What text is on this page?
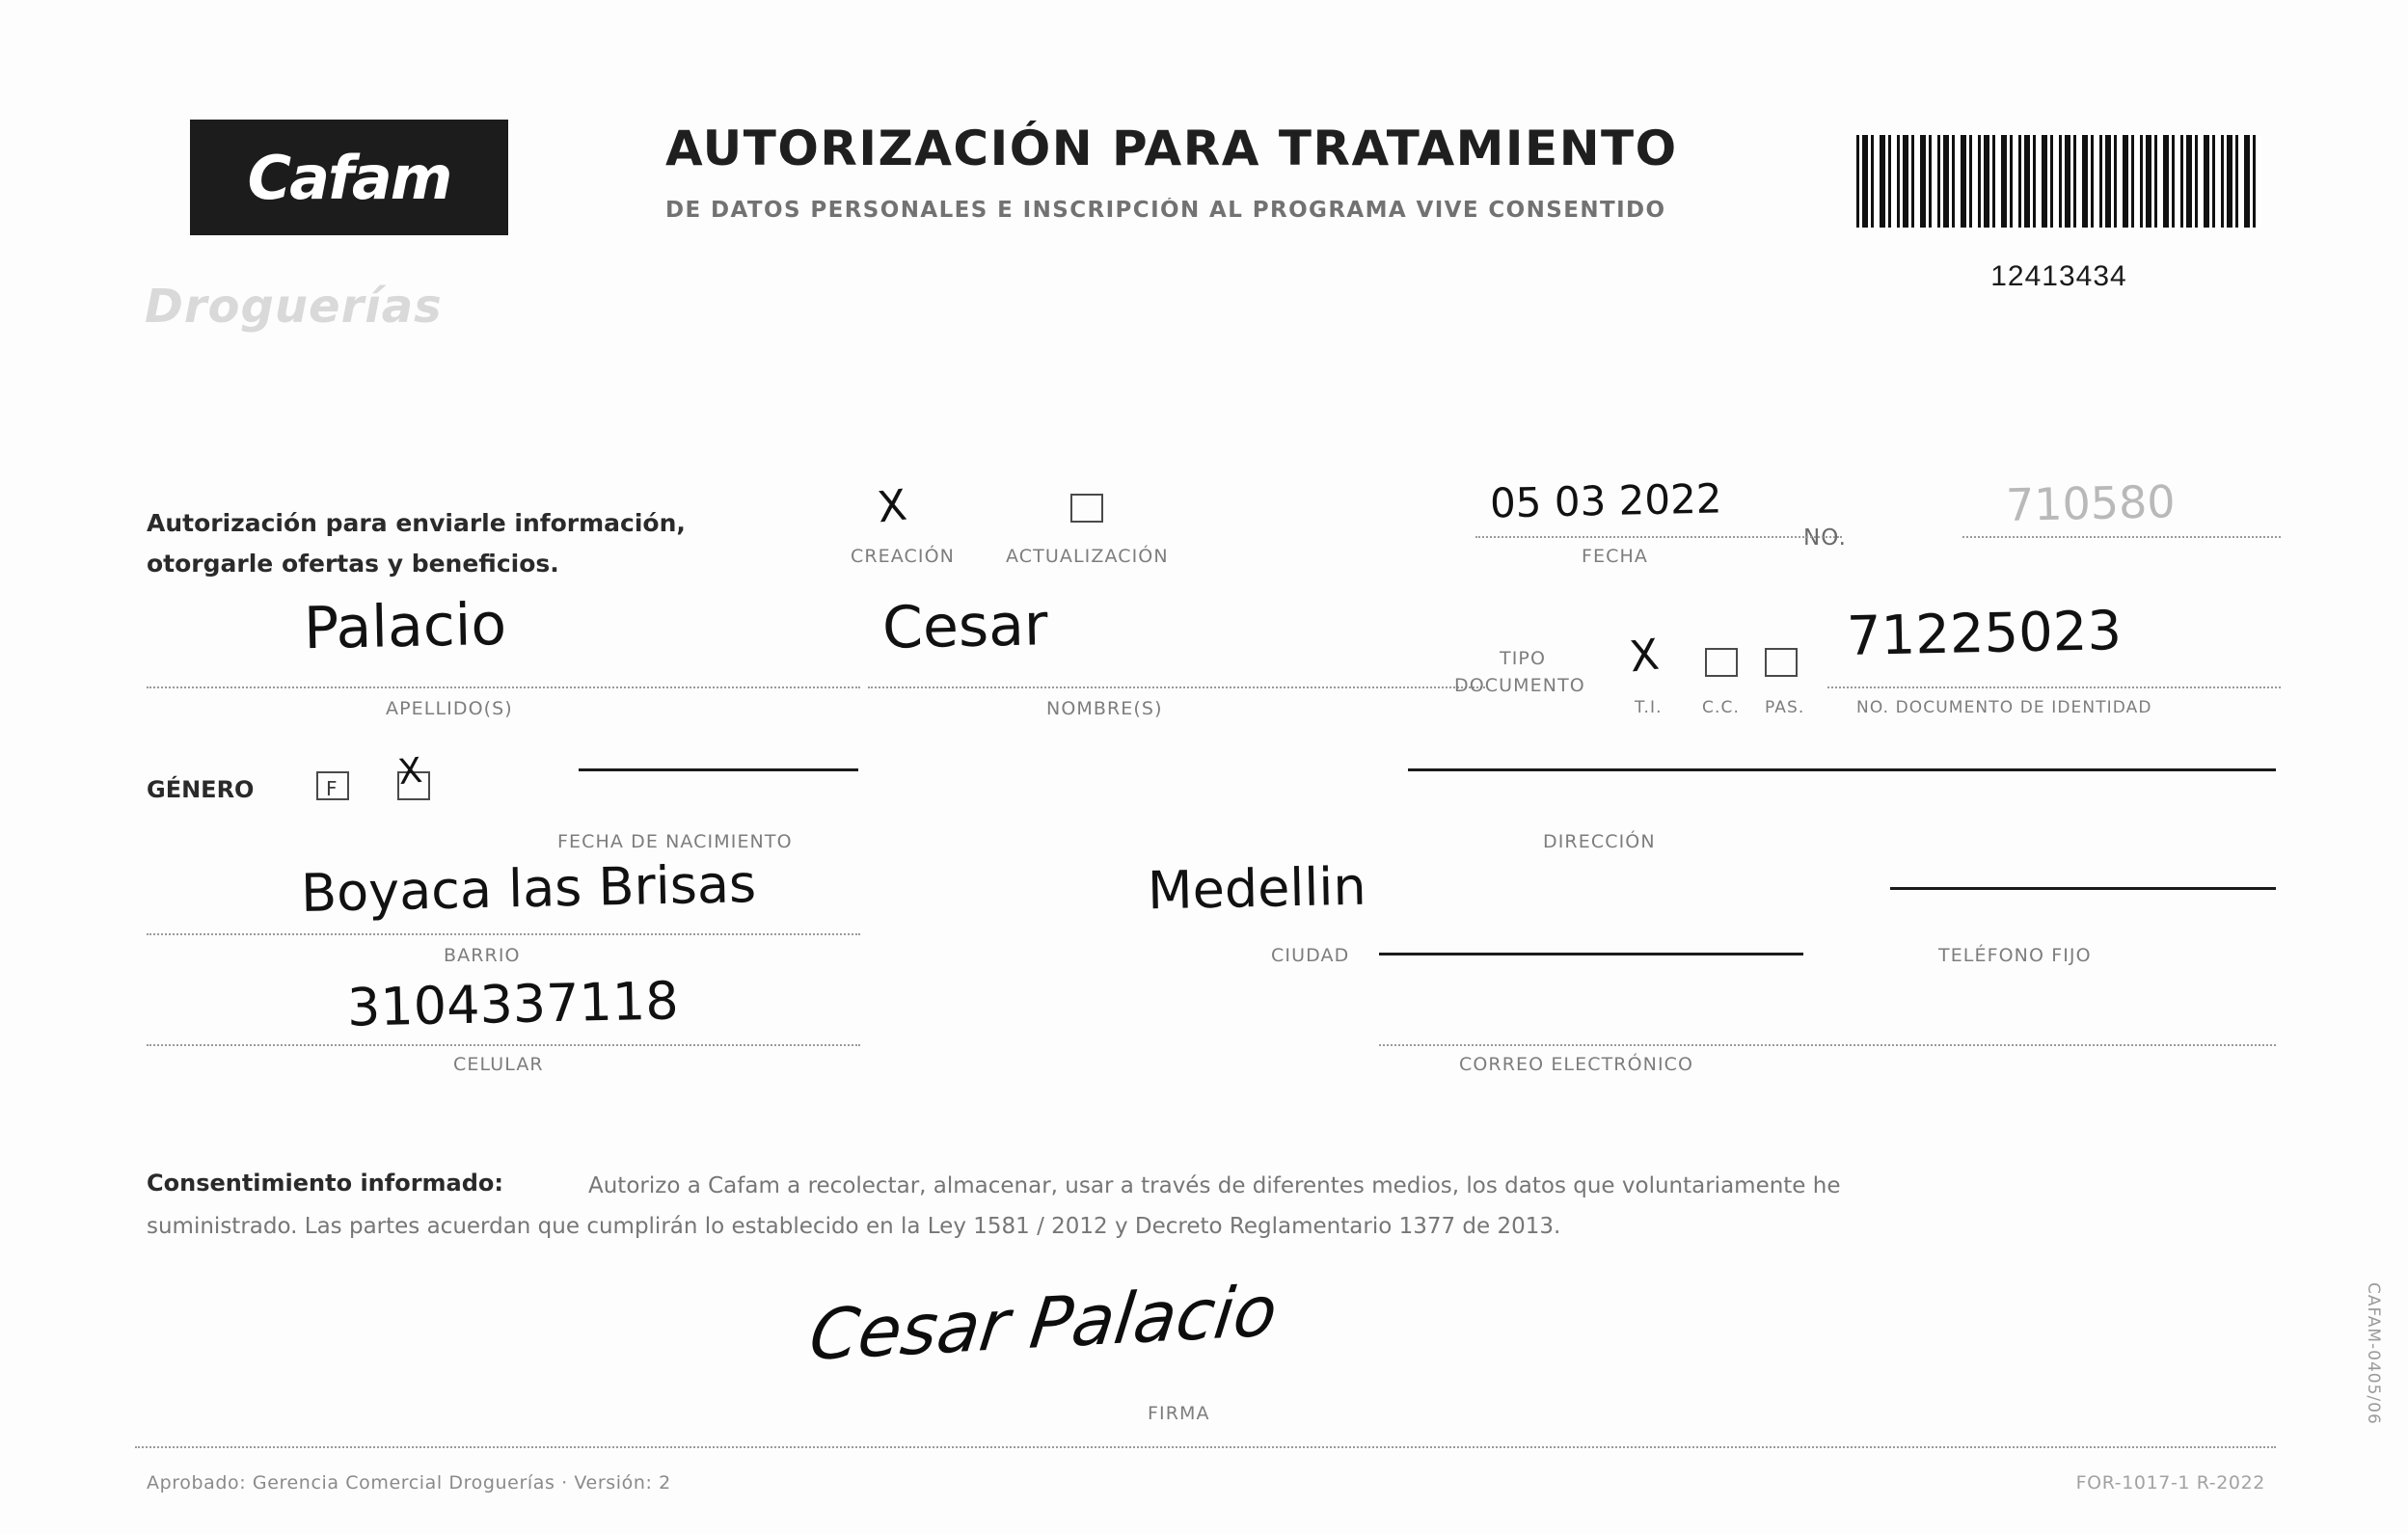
Cafam
Droguerías
AUTORIZACIÓN PARA TRATAMIENTO
DE DATOS PERSONALES E INSCRIPCIÓN AL PROGRAMA VIVE CONSENTIDO
12413434
Autorización para enviarle información,
otorgarle ofertas y beneficios.
X
CREACIÓN	ACTUALIZACIÓN
05 03 2022
FECHA
NO.
710580
Palacio
APELLIDO(S)
Cesar
NOMBRE(S)
TIPO
DOCUMENTO
X
T.I. C.C. PAS.
71225023
NO. DOCUMENTO DE IDENTIDAD
GÉNERO	F X
FECHA DE NACIMIENTO	DIRECCIÓN
Boyaca las Brisas
BARRIO
Medellin
CIUDAD	TELÉFONO FIJO
3104337118
CELULAR	CORREO ELECTRÓNICO
Consentimiento informado:	Autorizo a Cafam a recolectar, almacenar, usar a través de diferentes medios, los datos que voluntariamente he
suministrado. Las partes acuerdan que cumplirán lo establecido en la Ley 1581 / 2012 y Decreto Reglamentario 1377 de 2013.
Cesar Palacio
FIRMA
Aprobado: Gerencia Comercial Droguerías · Versión: 2	FOR-1017-1 R-2022
CAFAM-0405/06
